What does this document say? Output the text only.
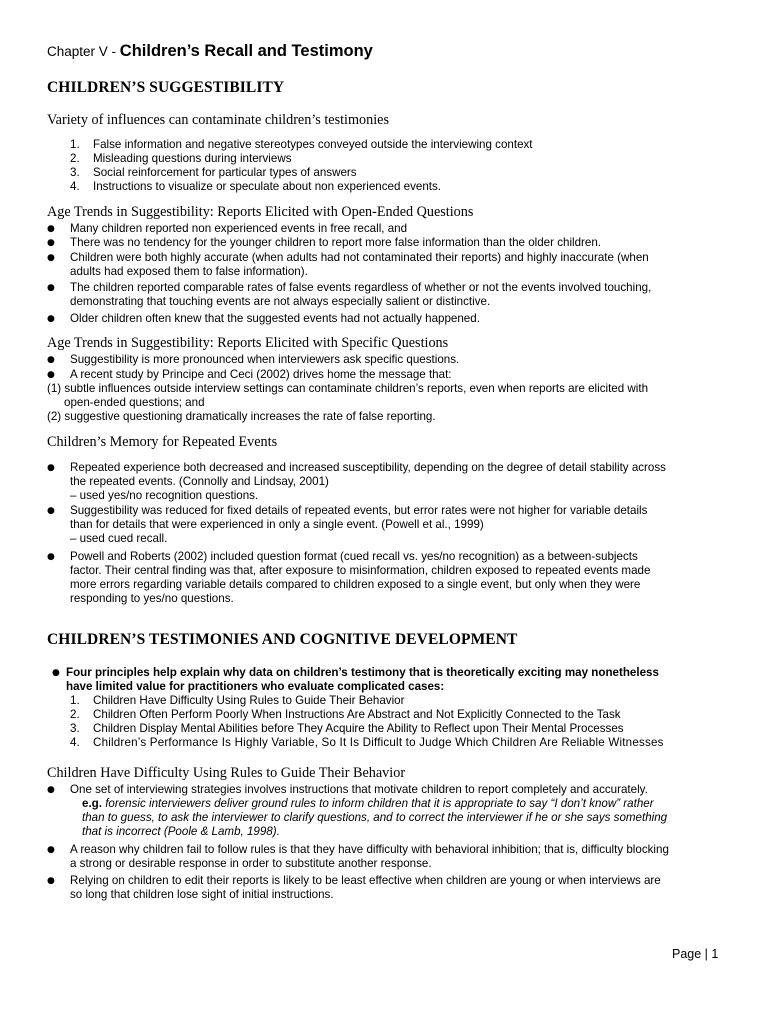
Chapter V - Children’s Recall and Testimony
CHILDREN’S SUGGESTIBILITY
Variety of influences can contaminate children’s testimonies
1. False information and negative stereotypes conveyed outside the interviewing context
2. Misleading questions during interviews
3. Social reinforcement for particular types of answers
4. Instructions to visualize or speculate about non experienced events.
Age Trends in Suggestibility: Reports Elicited with Open-Ended Questions
● Many children reported non experienced events in free recall, and
● There was no tendency for the younger children to report more false information than the older children.
● Children were both highly accurate (when adults had not contaminated their reports) and highly inaccurate (when
adults had exposed them to false information).
● The children reported comparable rates of false events regardless of whether or not the events involved touching,
demonstrating that touching events are not always especially salient or distinctive.
● Older children often knew that the suggested events had not actually happened.
Age Trends in Suggestibility: Reports Elicited with Specific Questions
● Suggestibility is more pronounced when interviewers ask specific questions.
● A recent study by Principe and Ceci (2002) drives home the message that:
(1) subtle influences outside interview settings can contaminate children’s reports, even when reports are elicited with
open-ended questions; and
(2) suggestive questioning dramatically increases the rate of false reporting.
Children’s Memory for Repeated Events
● Repeated experience both decreased and increased susceptibility, depending on the degree of detail stability across
the repeated events. (Connolly and Lindsay, 2001)
– used yes/no recognition questions.
● Suggestibility was reduced for fixed details of repeated events, but error rates were not higher for variable details
than for details that were experienced in only a single event. (Powell et al., 1999)
– used cued recall.
● Powell and Roberts (2002) included question format (cued recall vs. yes/no recognition) as a between-subjects
factor. Their central finding was that, after exposure to misinformation, children exposed to repeated events made
more errors regarding variable details compared to children exposed to a single event, but only when they were
responding to yes/no questions.
CHILDREN’S TESTIMONIES AND COGNITIVE DEVELOPMENT
● Four principles help explain why data on children’s testimony that is theoretically exciting may nonetheless
have limited value for practitioners who evaluate complicated cases:
1. Children Have Difficulty Using Rules to Guide Their Behavior
2. Children Often Perform Poorly When Instructions Are Abstract and Not Explicitly Connected to the Task
3. Children Display Mental Abilities before They Acquire the Ability to Reflect upon Their Mental Processes
4. Children’s Performance Is Highly Variable, So It Is Difficult to Judge Which Children Are Reliable Witnesses
Children Have Difficulty Using Rules to Guide Their Behavior
● One set of interviewing strategies involves instructions that motivate children to report completely and accurately.
e.g. forensic interviewers deliver ground rules to inform children that it is appropriate to say “I don’t know” rather
than to guess, to ask the interviewer to clarify questions, and to correct the interviewer if he or she says something
that is incorrect (Poole & Lamb, 1998).
● A reason why children fail to follow rules is that they have difficulty with behavioral inhibition; that is, difficulty blocking
a strong or desirable response in order to substitute another response.
● Relying on children to edit their reports is likely to be least effective when children are young or when interviews are
so long that children lose sight of initial instructions.
Page | 1
